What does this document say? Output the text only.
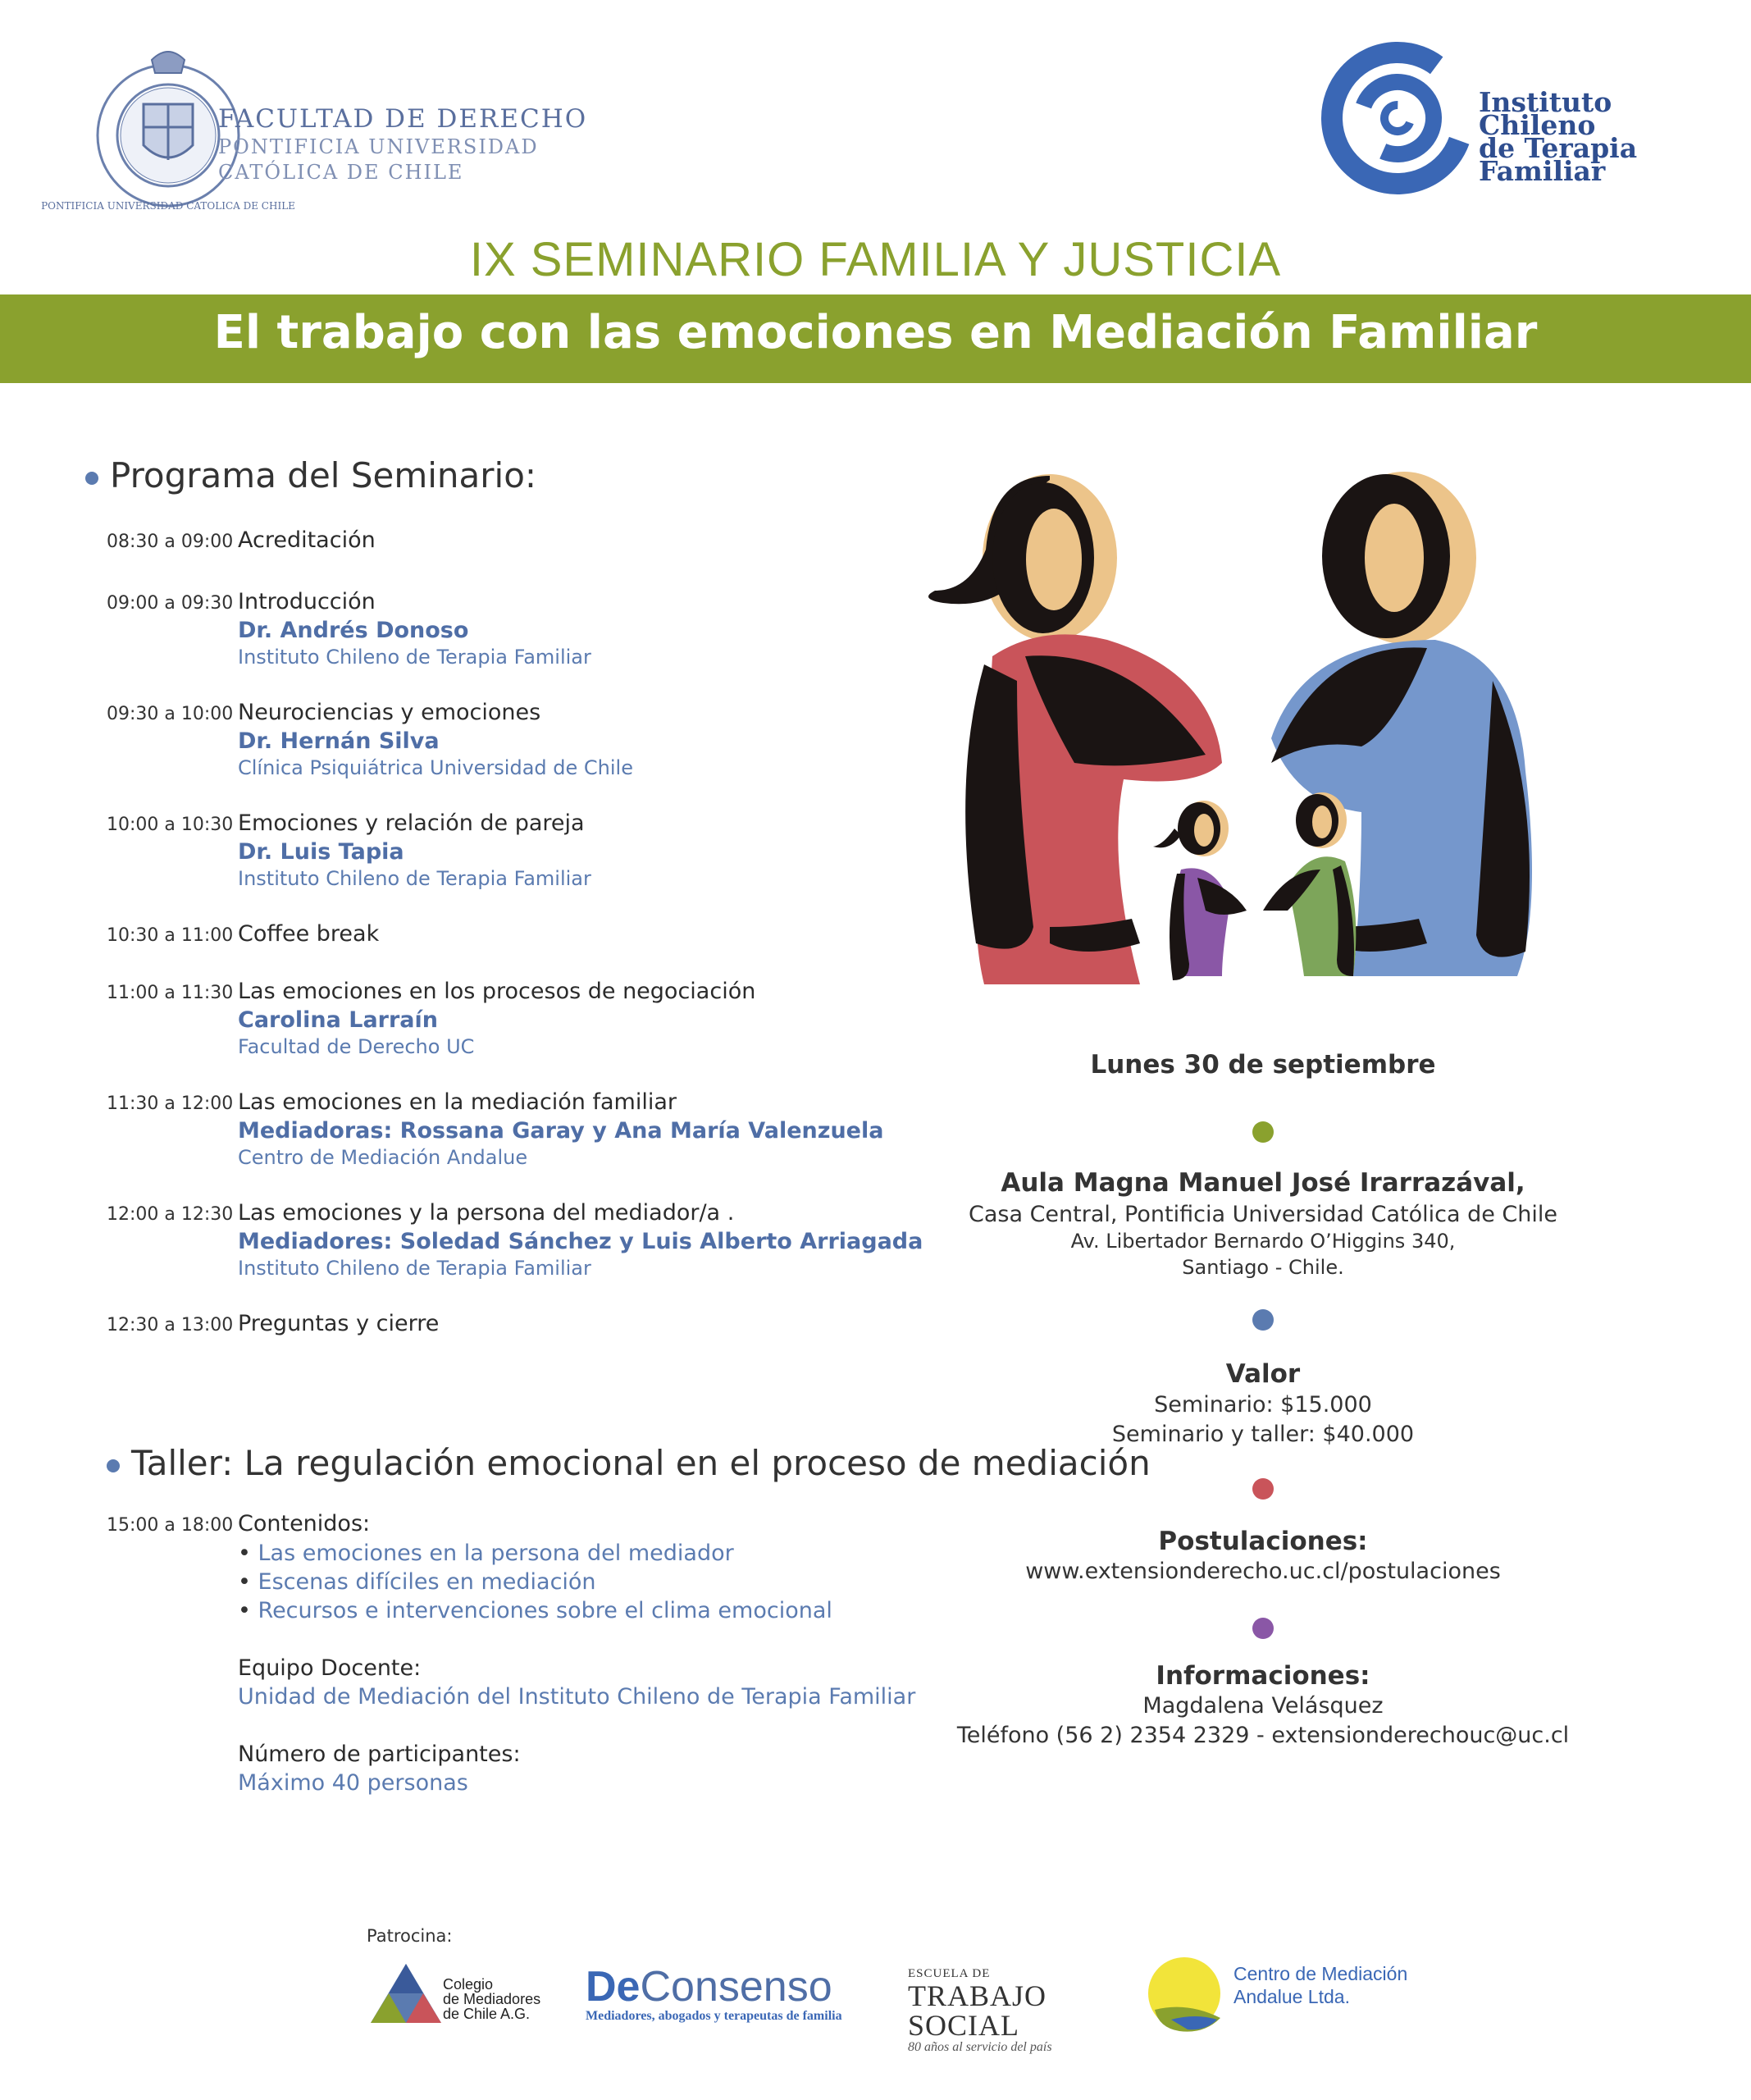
PONTIFICIA UNIVERSIDAD CATOLICA DE CHILE
FACULTAD DE DERECHO
PONTIFICIA UNIVERSIDAD
CATÓLICA DE CHILE
Instituto
Chileno
de Terapia
Familiar
IX SEMINARIO FAMILIA Y JUSTICIA
El trabajo con las emociones en Mediación Familiar
Programa del Seminario:
08:30 a 09:00 Acreditación
09:00 a 09:30 Introducción
Dr. Andrés Donoso
Instituto Chileno de Terapia Familiar
09:30 a 10:00 Neurociencias y emociones
Dr. Hernán Silva
Clínica Psiquiátrica Universidad de Chile
10:00 a 10:30 Emociones y relación de pareja
Dr. Luis Tapia
Instituto Chileno de Terapia Familiar
10:30 a 11:00 Coffee break
11:00 a 11:30 Las emociones en los procesos de negociación
Carolina Larraín
Facultad de Derecho UC
11:30 a 12:00 Las emociones en la mediación familiar
Mediadoras: Rossana Garay y Ana María Valenzuela
Centro de Mediación Andalue
12:00 a 12:30 Las emociones y la persona del mediador/a .
Mediadores: Soledad Sánchez y Luis Alberto Arriagada
Instituto Chileno de Terapia Familiar
12:30 a 13:00 Preguntas y cierre
Taller: La regulación emocional en el proceso de mediación
15:00 a 18:00 Contenidos:
• Las emociones en la persona del mediador
• Escenas difíciles en mediación
• Recursos e intervenciones sobre el clima emocional
Equipo Docente:
Unidad de Mediación del Instituto Chileno de Terapia Familiar
Número de participantes:
Máximo 40 personas
Lunes 30 de septiembre
Aula Magna Manuel José Irarrazával,
Casa Central, Pontificia Universidad Católica de Chile
Av. Libertador Bernardo O’Higgins 340,
Santiago - Chile.
Valor
Seminario: $15.000
Seminario y taller: $40.000
Postulaciones:
www.extensionderecho.uc.cl/postulaciones
Informaciones:
Magdalena Velásquez
Teléfono (56 2) 2354 2329 - extensionderechouc@uc.cl
Patrocina:
Colegio
de Mediadores
de Chile A.G.
DeConsenso
Mediadores, abogados y terapeutas de familia
ESCUELA DE
TRABAJO SOCIAL
80 años al servicio del país
Centro de Mediación
Andalue Ltda.
